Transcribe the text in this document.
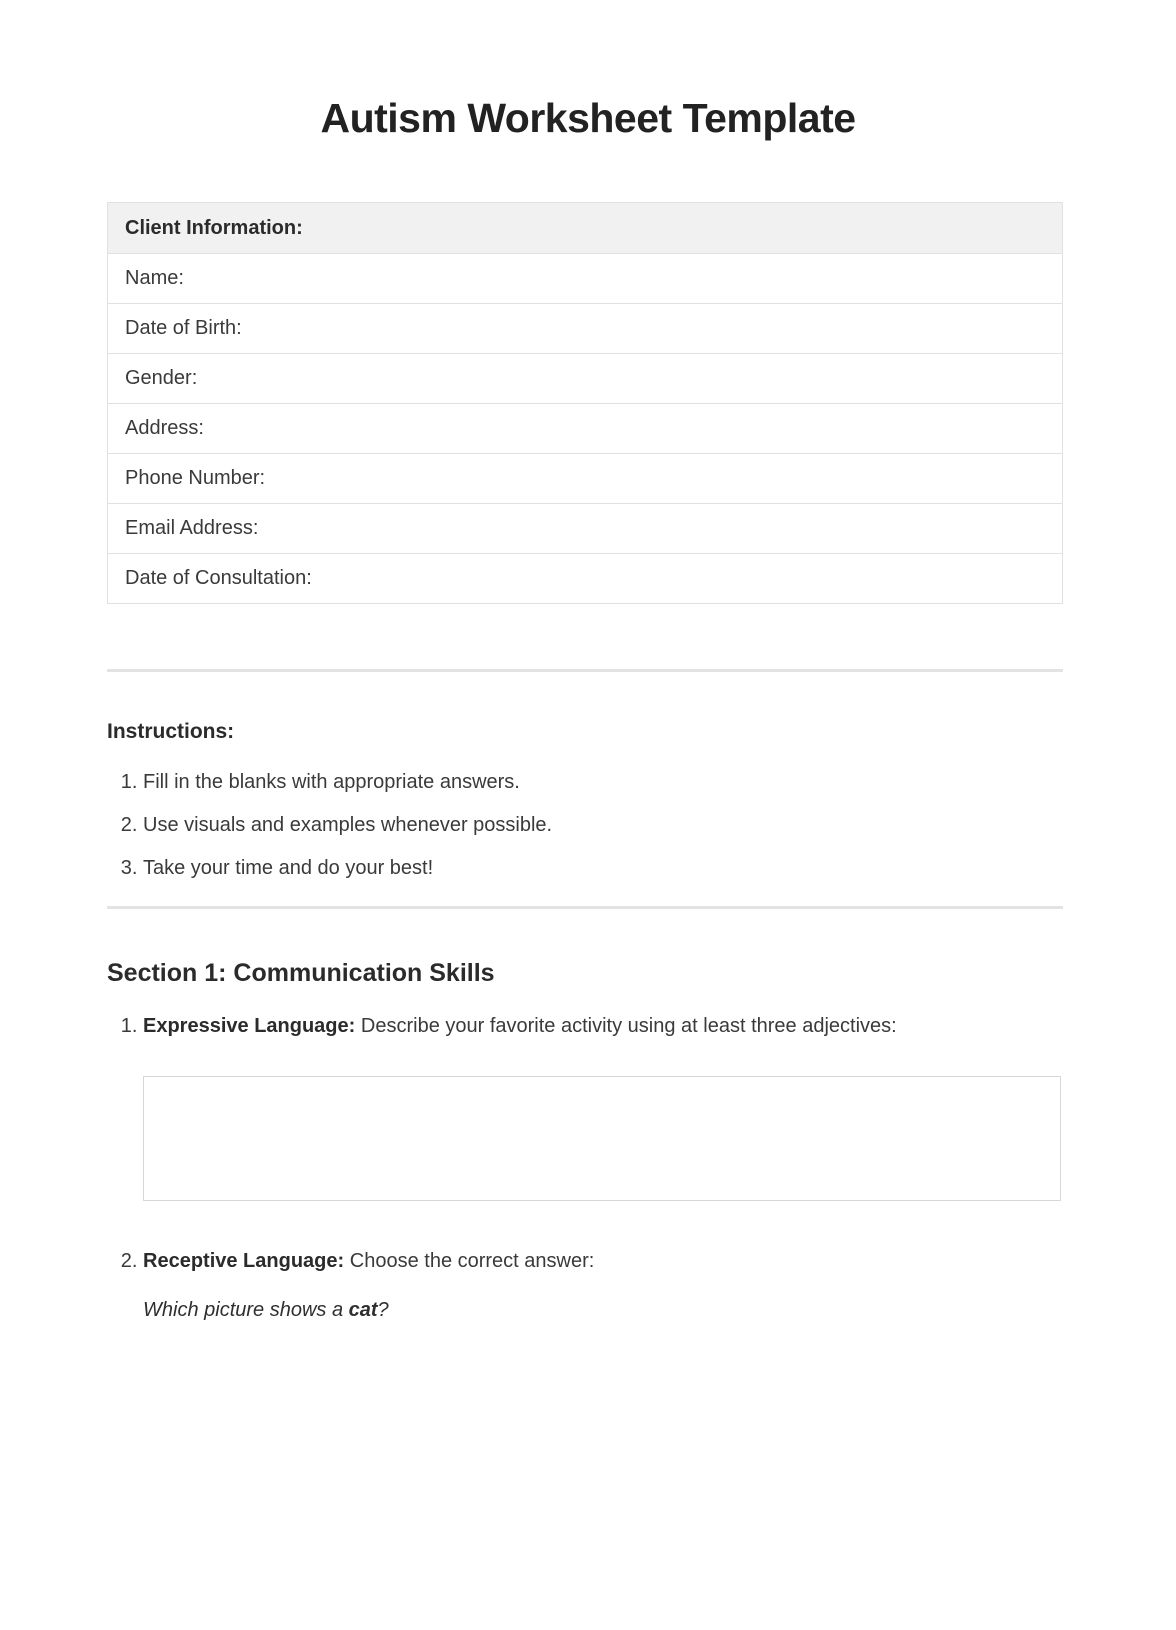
Autism Worksheet Template
Client Information:
Name:
Date of Birth:
Gender:
Address:
Phone Number:
Email Address:
Date of Consultation:
Instructions:
1. Fill in the blanks with appropriate answers.
2. Use visuals and examples whenever possible.
3. Take your time and do your best!
Section 1: Communication Skills
1. Expressive Language: Describe your favorite activity using at least three adjectives:
2. Receptive Language: Choose the correct answer:
Which picture shows a cat?
